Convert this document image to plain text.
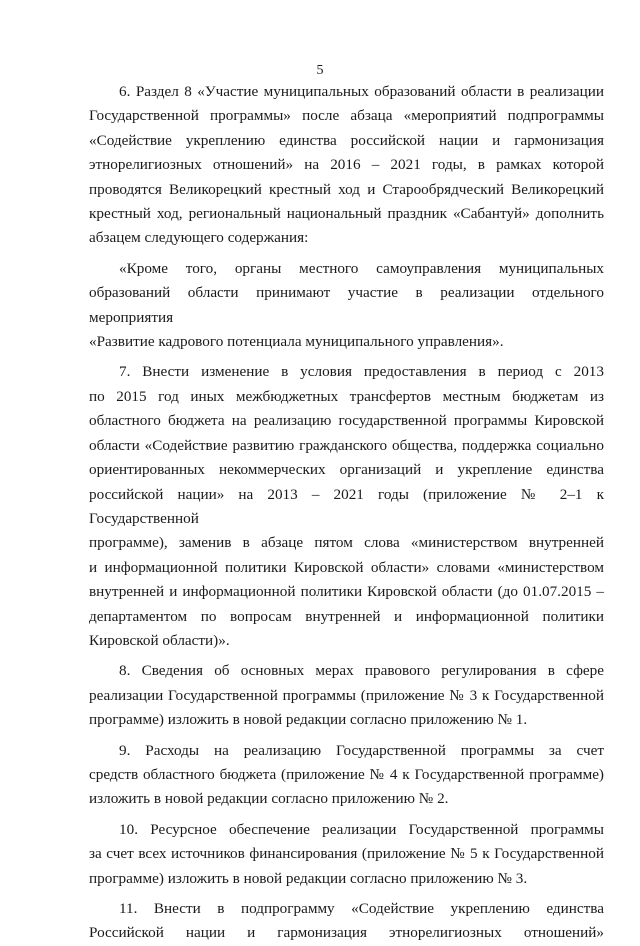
5
6. Раздел 8 «Участие муниципальных образований области в реализации
Государственной программы» после абзаца «мероприятий подпрограммы
«Содействие укреплению единства российской нации и гармонизация
этнорелигиозных отношений» на 2016 – 2021 годы, в рамках которой
проводятся Великорецкий крестный ход и Старообрядческий Великорецкий
крестный ход, региональный национальный праздник «Сабантуй» дополнить
абзацем следующего содержания:
«Кроме того, органы местного самоуправления муниципальных
образований области принимают участие в реализации отдельного мероприятия
«Развитие кадрового потенциала муниципального управления».
7. Внести изменение в условия предоставления в период с 2013
по 2015 год иных межбюджетных трансфертов местным бюджетам из
областного бюджета на реализацию государственной программы Кировской
области «Содействие развитию гражданского общества, поддержка социально
ориентированных некоммерческих организаций и укрепление единства
российской нации» на 2013 – 2021 годы (приложение № 2–1 к Государственной
программе), заменив в абзаце пятом слова «министерством внутренней
и информационной политики Кировской области» словами «министерством
внутренней и информационной политики Кировской области (до 01.07.2015 –
департаментом по вопросам внутренней и информационной политики
Кировской области)».
8. Сведения об основных мерах правового регулирования в сфере
реализации Государственной программы (приложение № 3 к Государственной
программе) изложить в новой редакции согласно приложению № 1.
9. Расходы на реализацию Государственной программы за счет
средств областного бюджета (приложение № 4 к Государственной программе)
изложить в новой редакции согласно приложению № 2.
10. Ресурсное обеспечение реализации Государственной программы
за счет всех источников финансирования (приложение № 5 к Государственной
программе) изложить в новой редакции согласно приложению № 3.
11. Внести в подпрограмму «Содействие укреплению единства
Российской нации и гармонизация этнорелигиозных отношений»
